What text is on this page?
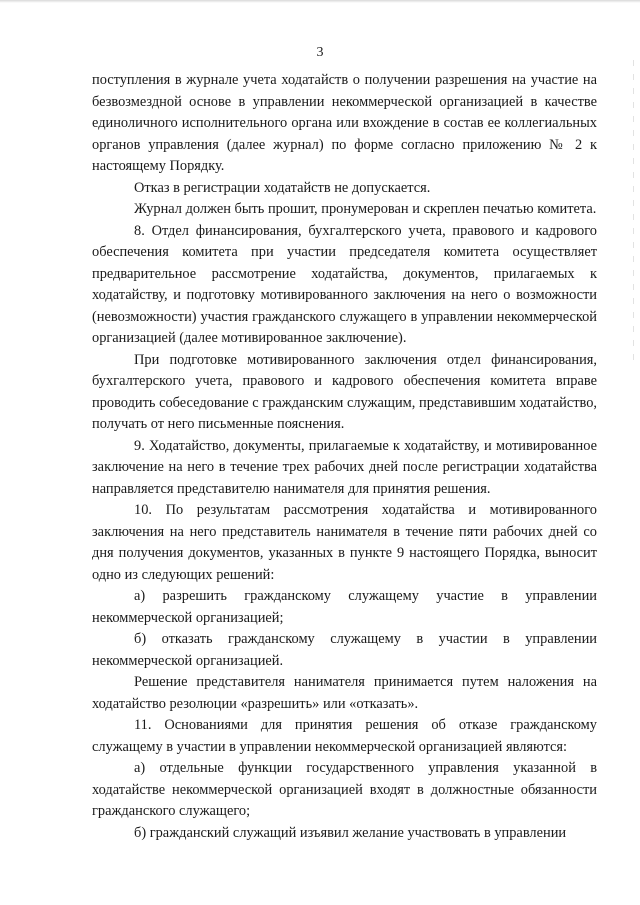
3

поступления в журнале учета ходатайств о получении разрешения на участие на безвозмездной основе в управлении некоммерческой организацией в качестве единоличного исполнительного органа или вхождение в состав ее коллегиальных органов управления (далее журнал) по форме согласно приложению № 2 к настоящему Порядку.

Отказ в регистрации ходатайств не допускается.

Журнал должен быть прошит, пронумерован и скреплен печатью комитета.

8. Отдел финансирования, бухгалтерского учета, правового и кадрового обеспечения комитета при участии председателя комитета осуществляет предварительное рассмотрение ходатайства, документов, прилагаемых к ходатайству, и подготовку мотивированного заключения на него о возможности (невозможности) участия гражданского служащего в управлении некоммерческой организацией (далее мотивированное заключение).

При подготовке мотивированного заключения отдел финансирования, бухгалтерского учета, правового и кадрового обеспечения комитета вправе проводить собеседование с гражданским служащим, представившим ходатайство, получать от него письменные пояснения.

9. Ходатайство, документы, прилагаемые к ходатайству, и мотивированное заключение на него в течение трех рабочих дней после регистрации ходатайства направляется представителю нанимателя для принятия решения.

10. По результатам рассмотрения ходатайства и мотивированного заключения на него представитель нанимателя в течение пяти рабочих дней со дня получения документов, указанных в пункте 9 настоящего Порядка, выносит одно из следующих решений:

а) разрешить гражданскому служащему участие в управлении некоммерческой организацией;

б) отказать гражданскому служащему в участии в управлении некоммерческой организацией.

Решение представителя нанимателя принимается путем наложения на ходатайство резолюции «разрешить» или «отказать».

11. Основаниями для принятия решения об отказе гражданскому служащему в участии в управлении некоммерческой организацией являются:

а) отдельные функции государственного управления указанной в ходатайстве некоммерческой организацией входят в должностные обязанности гражданского служащего;

б) гражданский служащий изъявил желание участвовать в управлении
